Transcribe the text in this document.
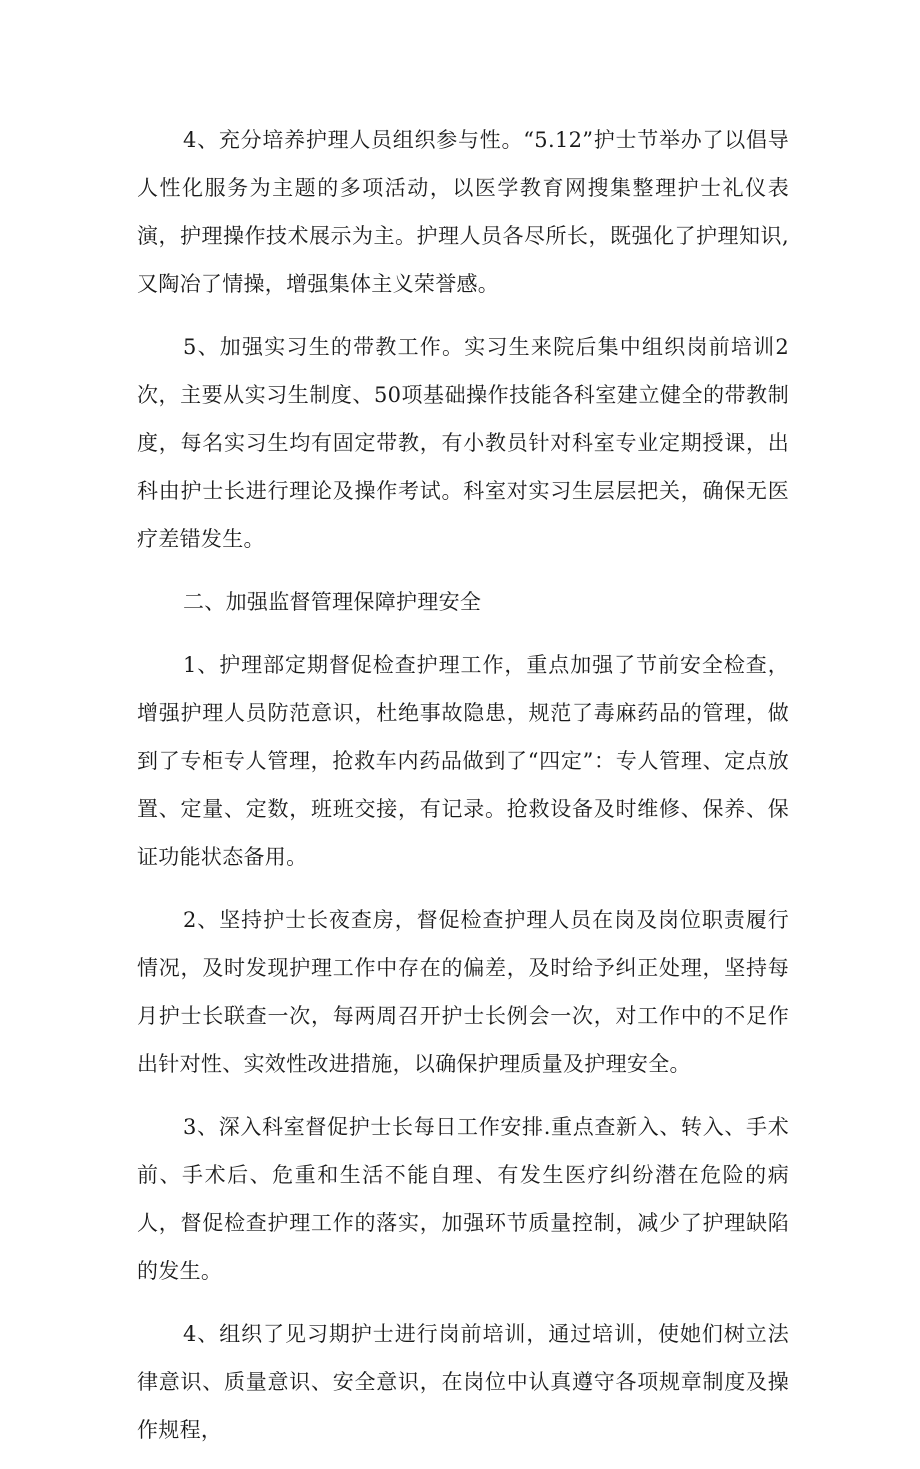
4、充分培养护理人员组织参与性。“5.12”护士节举办了以倡导人性化服务为主题的多项活动，以医学教育网搜集整理护士礼仪表演，护理操作技术展示为主。护理人员各尽所长，既强化了护理知识,又陶冶了情操，增强集体主义荣誉感。

5、加强实习生的带教工作。实习生来院后集中组织岗前培训2次，主要从实习生制度、50项基础操作技能各科室建立健全的带教制度，每名实习生均有固定带教，有小教员针对科室专业定期授课，出科由护士长进行理论及操作考试。科室对实习生层层把关，确保无医疗差错发生。

二、加强监督管理保障护理安全

1、护理部定期督促检查护理工作，重点加强了节前安全检查，增强护理人员防范意识，杜绝事故隐患，规范了毒麻药品的管理，做到了专柜专人管理，抢救车内药品做到了“四定”：专人管理、定点放置、定量、定数，班班交接，有记录。抢救设备及时维修、保养、保证功能状态备用。

2、坚持护士长夜查房，督促检查护理人员在岗及岗位职责履行情况，及时发现护理工作中存在的偏差，及时给予纠正处理，坚持每月护士长联查一次，每两周召开护士长例会一次，对工作中的不足作出针对性、实效性改进措施，以确保护理质量及护理安全。

3、深入科室督促护士长每日工作安排.重点查新入、转入、手术前、手术后、危重和生活不能自理、有发生医疗纠纷潜在危险的病人，督促检查护理工作的落实，加强环节质量控制，减少了护理缺陷的发生。

4、组织了见习期护士进行岗前培训，通过培训，使她们树立法律意识、质量意识、安全意识，在岗位中认真遵守各项规章制度及操作规程，
